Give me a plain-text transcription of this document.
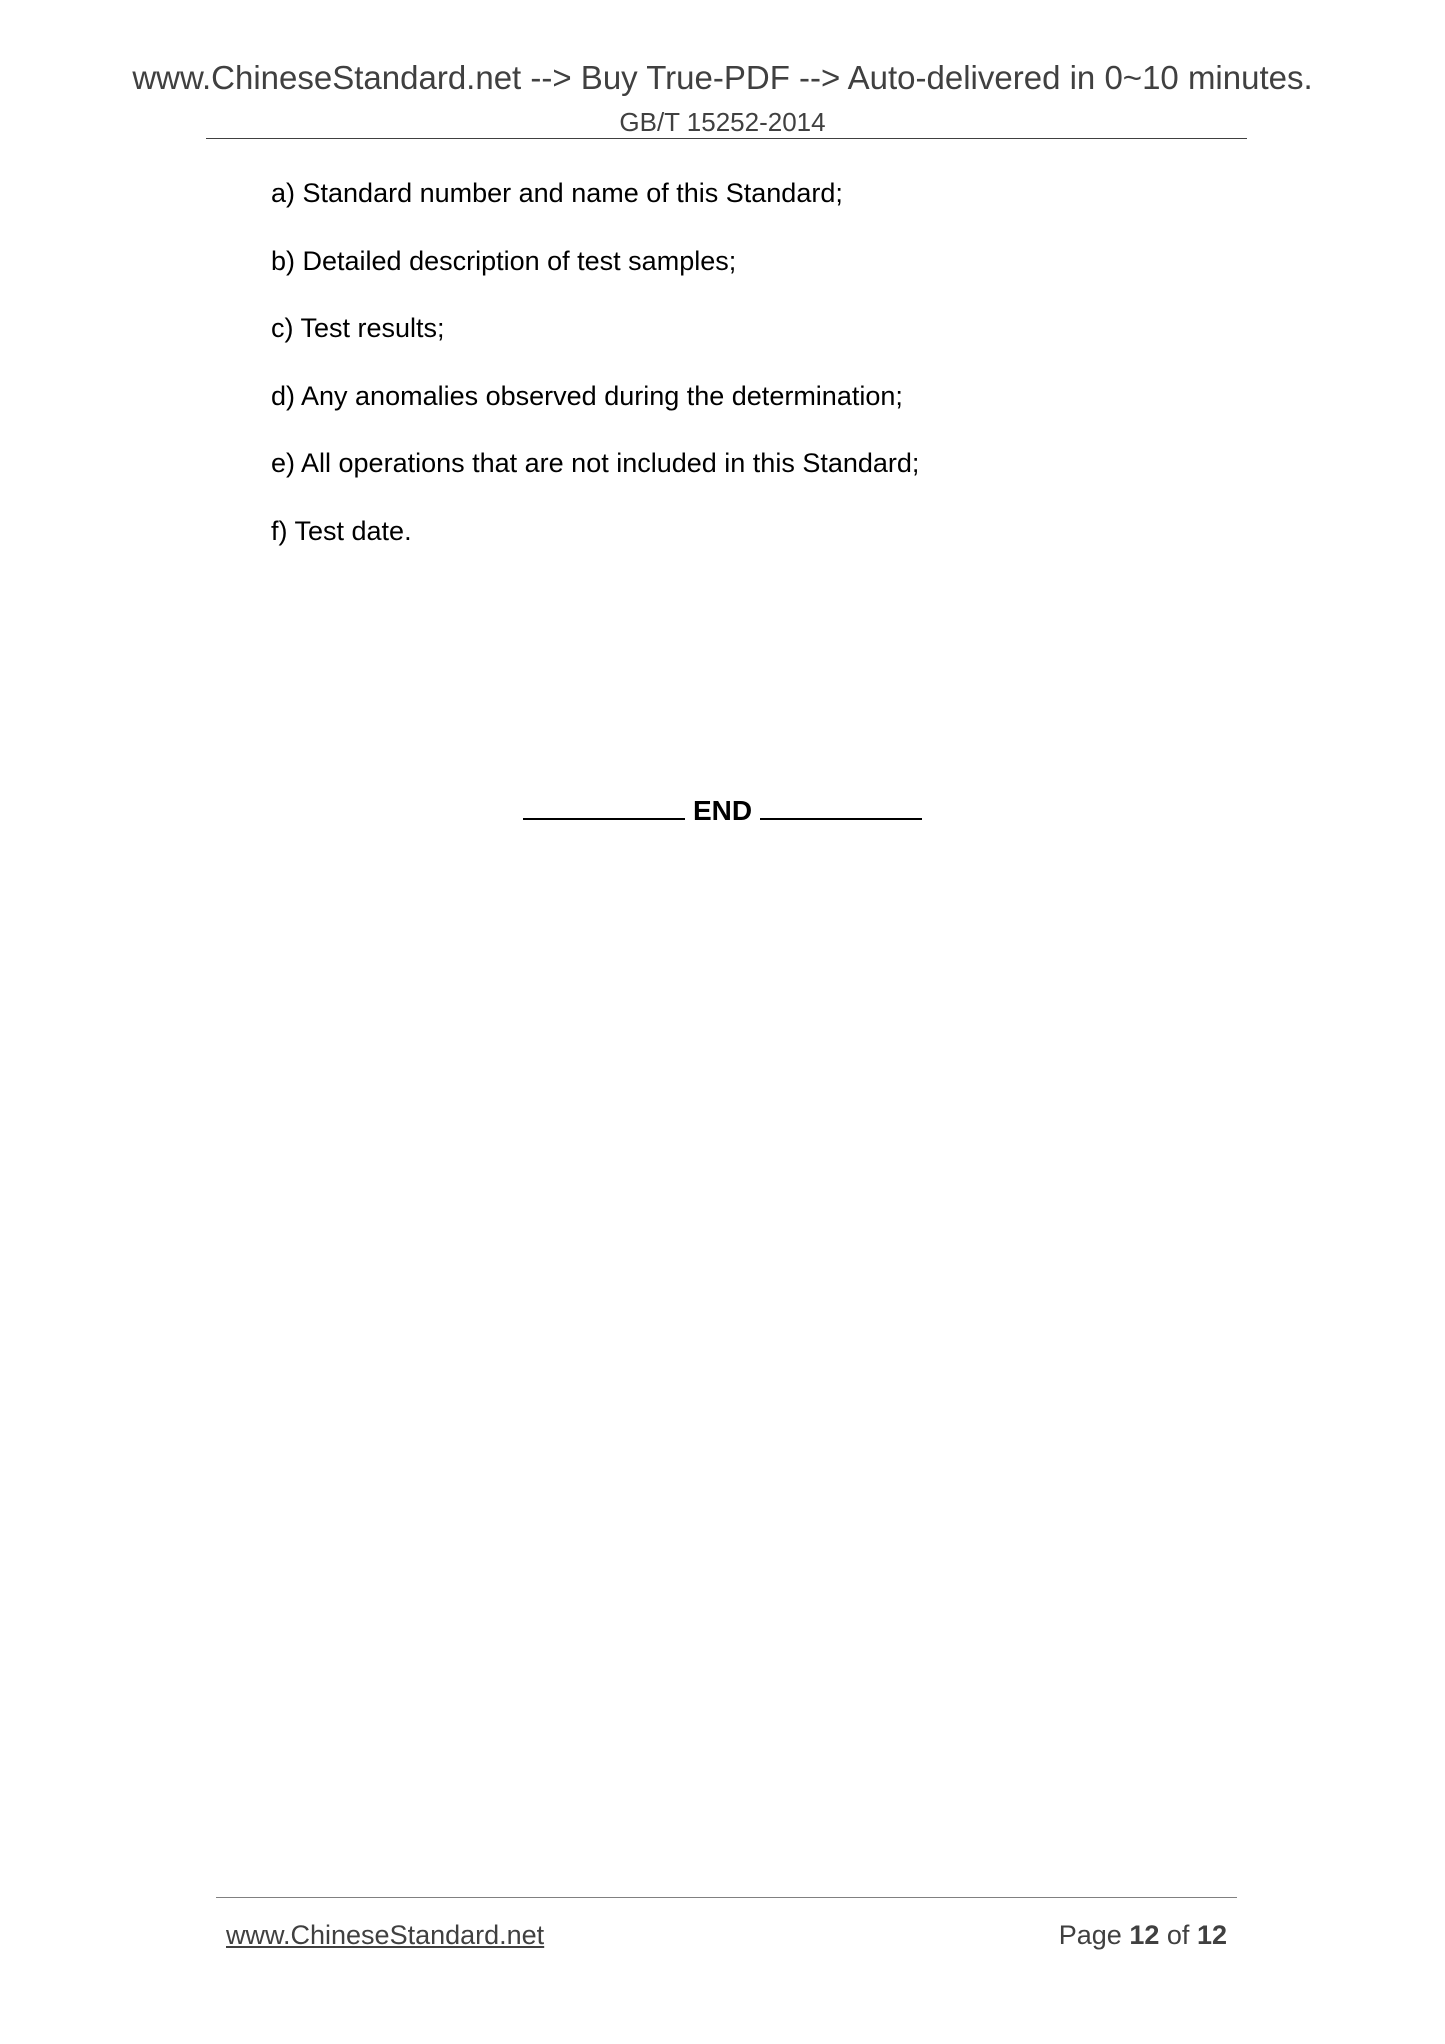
www.ChineseStandard.net --> Buy True-PDF --> Auto-delivered in 0~10 minutes.
GB/T 15252-2014
a) Standard number and name of this Standard;
b) Detailed description of test samples;
c) Test results;
d) Any anomalies observed during the determination;
e) All operations that are not included in this Standard;
f) Test date.
END
www.ChineseStandard.net	Page 12 of 12
